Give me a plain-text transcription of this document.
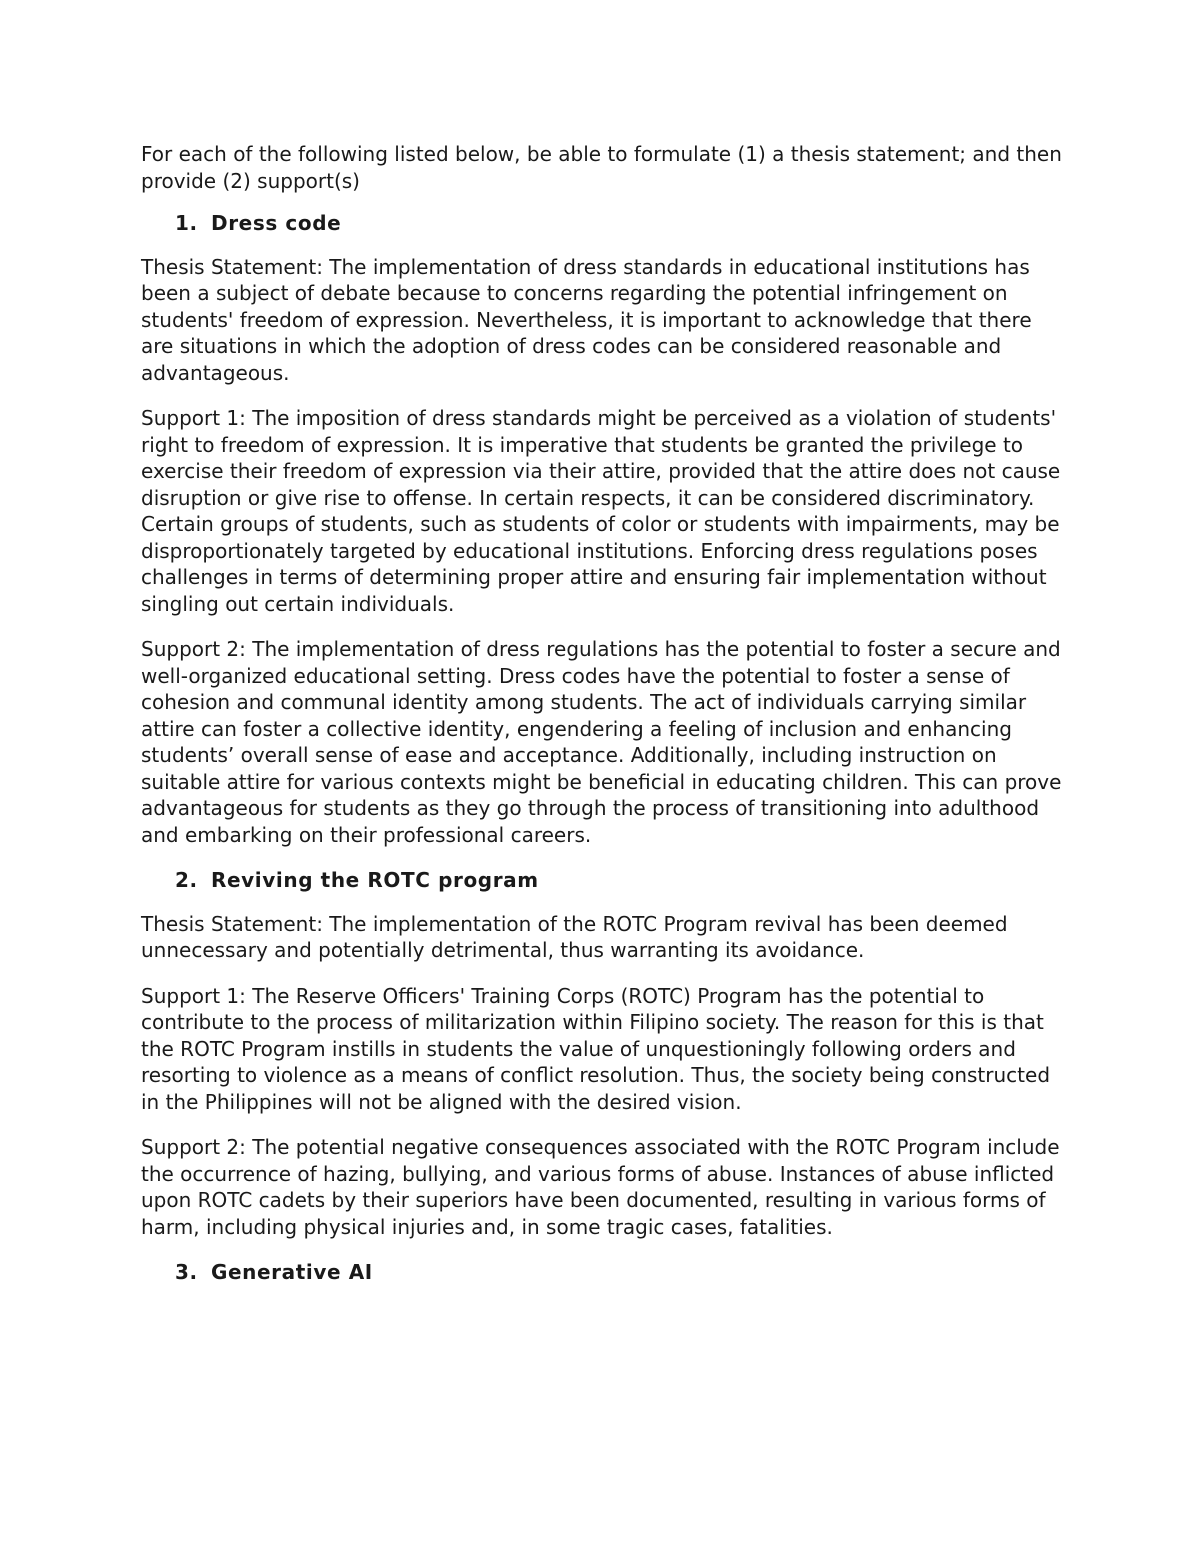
For each of the following listed below, be able to formulate (1) a thesis statement; and then provide (2) support(s)

1. Dress code

Thesis Statement: The implementation of dress standards in educational institutions has been a subject of debate because to concerns regarding the potential infringement on students' freedom of expression. Nevertheless, it is important to acknowledge that there are situations in which the adoption of dress codes can be considered reasonable and advantageous.

Support 1: The imposition of dress standards might be perceived as a violation of students' right to freedom of expression. It is imperative that students be granted the privilege to exercise their freedom of expression via their attire, provided that the attire does not cause disruption or give rise to offense. In certain respects, it can be considered discriminatory. Certain groups of students, such as students of color or students with impairments, may be disproportionately targeted by educational institutions. Enforcing dress regulations poses challenges in terms of determining proper attire and ensuring fair implementation without singling out certain individuals.

Support 2: The implementation of dress regulations has the potential to foster a secure and well-organized educational setting. Dress codes have the potential to foster a sense of cohesion and communal identity among students. The act of individuals carrying similar attire can foster a collective identity, engendering a feeling of inclusion and enhancing students’ overall sense of ease and acceptance. Additionally, including instruction on suitable attire for various contexts might be beneficial in educating children. This can prove advantageous for students as they go through the process of transitioning into adulthood and embarking on their professional careers.

2. Reviving the ROTC program

Thesis Statement: The implementation of the ROTC Program revival has been deemed unnecessary and potentially detrimental, thus warranting its avoidance.

Support 1: The Reserve Officers' Training Corps (ROTC) Program has the potential to contribute to the process of militarization within Filipino society. The reason for this is that the ROTC Program instills in students the value of unquestioningly following orders and resorting to violence as a means of conflict resolution. Thus, the society being constructed in the Philippines will not be aligned with the desired vision.

Support 2: The potential negative consequences associated with the ROTC Program include the occurrence of hazing, bullying, and various forms of abuse. Instances of abuse inflicted upon ROTC cadets by their superiors have been documented, resulting in various forms of harm, including physical injuries and, in some tragic cases, fatalities.

3. Generative AI
